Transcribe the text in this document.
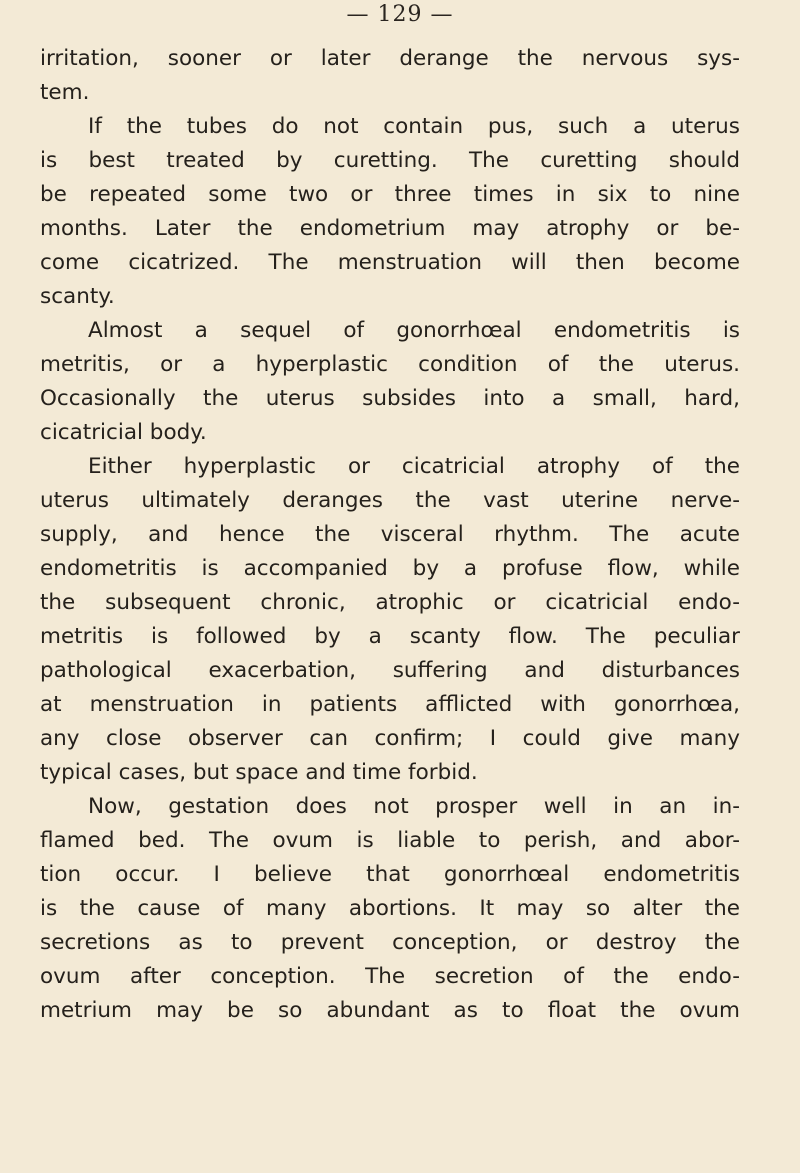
— 129 —
irritation, sooner or later derange the nervous sys-
tem.
If the tubes do not contain pus, such a uterus
is best treated by curetting. The curetting should
be repeated some two or three times in six to nine
months. Later the endometrium may atrophy or be-
come cicatrized. The menstruation will then become
scanty.
Almost a sequel of gonorrhœal endometritis is
metritis, or a hyperplastic condition of the uterus.
Occasionally the uterus subsides into a small, hard,
cicatricial body.
Either hyperplastic or cicatricial atrophy of the
uterus ultimately deranges the vast uterine nerve-
supply, and hence the visceral rhythm. The acute
endometritis is accompanied by a profuse flow, while
the subsequent chronic, atrophic or cicatricial endo-
metritis is followed by a scanty flow. The peculiar
pathological exacerbation, suffering and disturbances
at menstruation in patients afflicted with gonorrhœa,
any close observer can confirm; I could give many
typical cases, but space and time forbid.
Now, gestation does not prosper well in an in-
flamed bed. The ovum is liable to perish, and abor-
tion occur. I believe that gonorrhœal endometritis
is the cause of many abortions. It may so alter the
secretions as to prevent conception, or destroy the
ovum after conception. The secretion of the endo-
metrium may be so abundant as to float the ovum
